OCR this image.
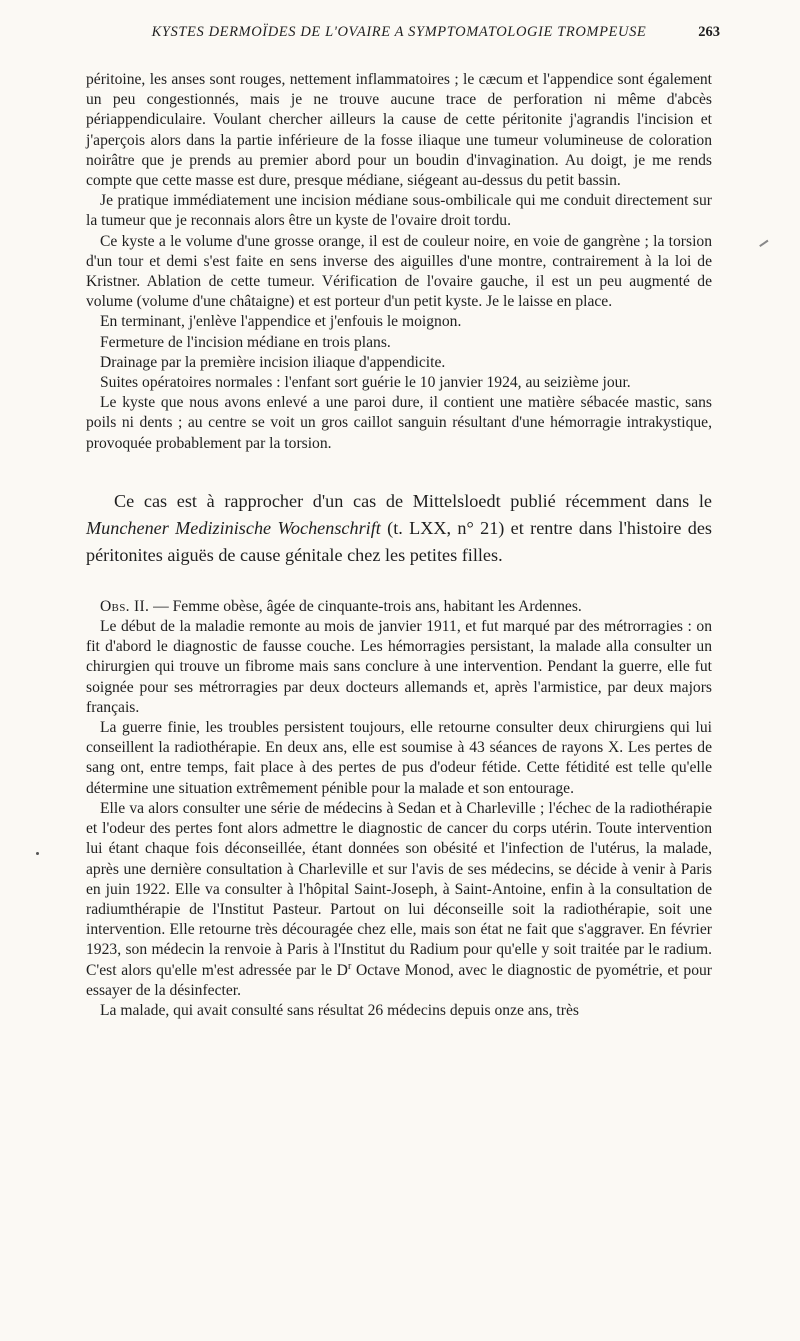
KYSTES DERMOÏDES DE L'OVAIRE A SYMPTOMATOLOGIE TROMPEUSE	263

péritoine, les anses sont rouges, nettement inflammatoires ; le cæcum et l'appendice sont également un peu congestionnés, mais je ne trouve aucune trace de perforation ni même d'abcès périappendiculaire. Voulant chercher ailleurs la cause de cette péritonite j'agrandis l'incision et j'aperçois alors dans la partie inférieure de la fosse iliaque une tumeur volumineuse de coloration noirâtre que je prends au premier abord pour un boudin d'invagination. Au doigt, je me rends compte que cette masse est dure, presque médiane, siégeant au-dessus du petit bassin.

Je pratique immédiatement une incision médiane sous-ombilicale qui me conduit directement sur la tumeur que je reconnais alors être un kyste de l'ovaire droit tordu.

Ce kyste a le volume d'une grosse orange, il est de couleur noire, en voie de gangrène ; la torsion d'un tour et demi s'est faite en sens inverse des aiguilles d'une montre, contrairement à la loi de Kristner. Ablation de cette tumeur. Vérification de l'ovaire gauche, il est un peu augmenté de volume (volume d'une châtaigne) et est porteur d'un petit kyste. Je le laisse en place.

En terminant, j'enlève l'appendice et j'enfouis le moignon.

Fermeture de l'incision médiane en trois plans.

Drainage par la première incision iliaque d'appendicite.

Suites opératoires normales : l'enfant sort guérie le 10 janvier 1924, au seizième jour.

Le kyste que nous avons enlevé a une paroi dure, il contient une matière sébacée mastic, sans poils ni dents ; au centre se voit un gros caillot sanguin résultant d'une hémorragie intrakystique, provoquée probablement par la torsion.

Ce cas est à rapprocher d'un cas de Mittelsloedt publié récemment dans le Munchener Medizinische Wochenschrift (t. LXX, n° 21) et rentre dans l'histoire des péritonites aiguës de cause génitale chez les petites filles.

Obs. II. — Femme obèse, âgée de cinquante-trois ans, habitant les Ardennes.

Le début de la maladie remonte au mois de janvier 1911, et fut marqué par des métrorragies : on fit d'abord le diagnostic de fausse couche. Les hémorragies persistant, la malade alla consulter un chirurgien qui trouve un fibrome mais sans conclure à une intervention. Pendant la guerre, elle fut soignée pour ses métrorragies par deux docteurs allemands et, après l'armistice, par deux majors français.

La guerre finie, les troubles persistent toujours, elle retourne consulter deux chirurgiens qui lui conseillent la radiothérapie. En deux ans, elle est soumise à 43 séances de rayons X. Les pertes de sang ont, entre temps, fait place à des pertes de pus d'odeur fétide. Cette fétidité est telle qu'elle détermine une situation extrêmement pénible pour la malade et son entourage.

Elle va alors consulter une série de médecins à Sedan et à Charleville ; l'échec de la radiothérapie et l'odeur des pertes font alors admettre le diagnostic de cancer du corps utérin. Toute intervention lui étant chaque fois déconseillée, étant données son obésité et l'infection de l'utérus, la malade, après une dernière consultation à Charleville et sur l'avis de ses médecins, se décide à venir à Paris en juin 1922. Elle va consulter à l'hôpital Saint-Joseph, à Saint-Antoine, enfin à la consultation de radiumthérapie de l'Institut Pasteur. Partout on lui déconseille soit la radiothérapie, soit une intervention. Elle retourne très découragée chez elle, mais son état ne fait que s'aggraver. En février 1923, son médecin la renvoie à Paris à l'Institut du Radium pour qu'elle y soit traitée par le radium. C'est alors qu'elle m'est adressée par le $D^r$ Octave Monod, avec le diagnostic de pyométrie, et pour essayer de la désinfecter.

La malade, qui avait consulté sans résultat 26 médecins depuis onze ans, très
